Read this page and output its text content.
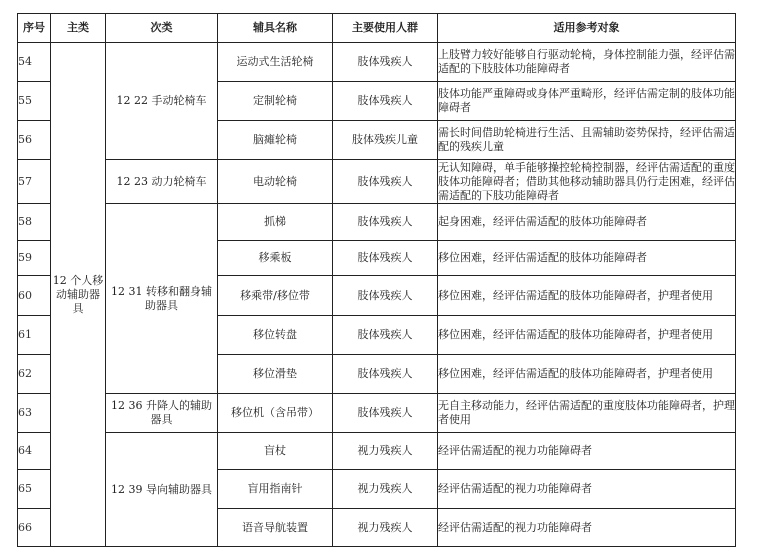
序号	主类	次类	辅具名称	主要使用人群	适用参考对象
54	12 个人移动辅助器具	12 22 手动轮椅车	运动式生活轮椅	肢体残疾人	上肢臂力较好能够自行驱动轮椅，身体控制能力强，经评估需适配的下肢肢体功能障碍者
55			定制轮椅	肢体残疾人	肢体功能严重障碍或身体严重畸形，经评估需定制的肢体功能障碍者
56			脑瘫轮椅	肢体残疾儿童	需长时间借助轮椅进行生活、且需辅助姿势保持，经评估需适配的残疾儿童
57		12 23 动力轮椅车	电动轮椅	肢体残疾人	无认知障碍，单手能够操控轮椅控制器，经评估需适配的重度肢体功能障碍者；借助其他移动辅助器具仍行走困难，经评估需适配的下肢功能障碍者
58		12 31 转移和翻身辅助器具	抓梯	肢体残疾人	起身困难，经评估需适配的肢体功能障碍者
59			移乘板	肢体残疾人	移位困难，经评估需适配的肢体功能障碍者
60			移乘带/移位带	肢体残疾人	移位困难，经评估需适配的肢体功能障碍者，护理者使用
61			移位转盘	肢体残疾人	移位困难，经评估需适配的肢体功能障碍者，护理者使用
62			移位滑垫	肢体残疾人	移位困难，经评估需适配的肢体功能障碍者，护理者使用
63		12 36 升降人的辅助器具	移位机（含吊带）	肢体残疾人	无自主移动能力，经评估需适配的重度肢体功能障碍者，护理者使用
64		12 39 导向辅助器具	盲杖	视力残疾人	经评估需适配的视力功能障碍者
65			盲用指南针	视力残疾人	经评估需适配的视力功能障碍者
66			语音导航装置	视力残疾人	经评估需适配的视力功能障碍者
